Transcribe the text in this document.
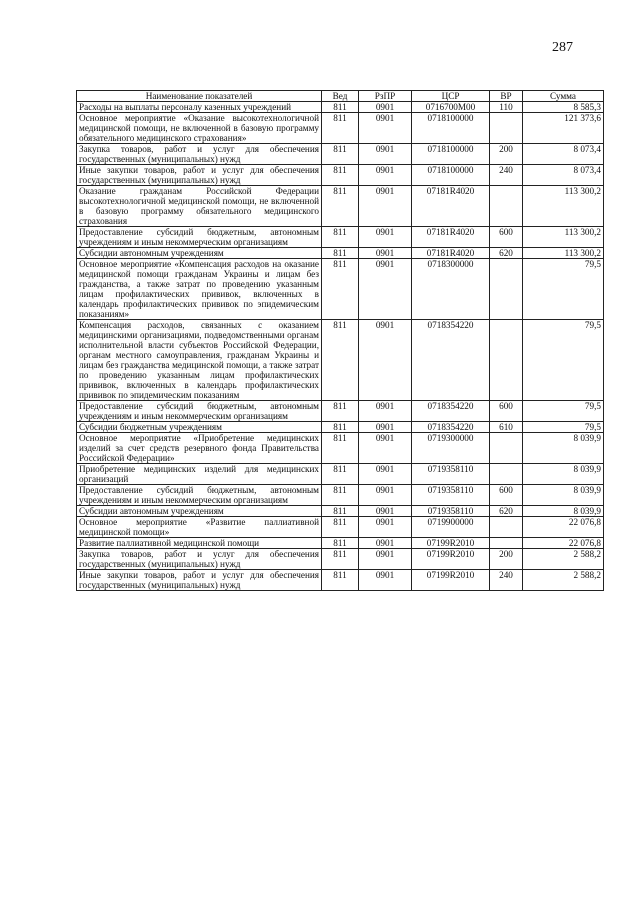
287
Наименование показателей	Вед	РзПР	ЦСР	ВР	Сумма
Расходы на выплаты персоналу казенных учреждений	811	0901	0716700M00	110	8 585,3
Основное мероприятие «Оказание высокотехнологичной медицинской помощи, не включенной в базовую программу обязательного медицинского страхования»	811	0901	0718100000		121 373,6
Закупка товаров, работ и услуг для обеспечения государственных (муниципальных) нужд	811	0901	0718100000	200	8 073,4
Иные закупки товаров, работ и услуг для обеспечения государственных (муниципальных) нужд	811	0901	0718100000	240	8 073,4
Оказание гражданам Российской Федерации высокотехнологичной медицинской помощи, не включенной в базовую программу обязательного медицинского страхования	811	0901	07181R4020		113 300,2
Предоставление субсидий бюджетным, автономным учреждениям и иным некоммерческим организациям	811	0901	07181R4020	600	113 300,2
Субсидии автономным учреждениям	811	0901	07181R4020	620	113 300,2
Основное мероприятие «Компенсация расходов на оказание медицинской помощи гражданам Украины и лицам без гражданства, а также затрат по проведению указанным лицам профилактических прививок, включенных в календарь профилактических прививок по эпидемическим показаниям»	811	0901	0718300000		79,5
Компенсация расходов, связанных с оказанием медицинскими организациями, подведомственными органам исполнительной власти субъектов Российской Федерации, органам местного самоуправления, гражданам Украины и лицам без гражданства медицинской помощи, а также затрат по проведению указанным лицам профилактических прививок, включенных в календарь профилактических прививок по эпидемическим показаниям	811	0901	0718354220		79,5
Предоставление субсидий бюджетным, автономным учреждениям и иным некоммерческим организациям	811	0901	0718354220	600	79,5
Субсидии бюджетным учреждениям	811	0901	0718354220	610	79,5
Основное мероприятие «Приобретение медицинских изделий за счет средств резервного фонда Правительства Российской Федерации»	811	0901	0719300000		8 039,9
Приобретение медицинских изделий для медицинских организаций	811	0901	0719358110		8 039,9
Предоставление субсидий бюджетным, автономным учреждениям и иным некоммерческим организациям	811	0901	0719358110	600	8 039,9
Субсидии автономным учреждениям	811	0901	0719358110	620	8 039,9
Основное мероприятие «Развитие паллиативной медицинской помощи»	811	0901	0719900000		22 076,8
Развитие паллиативной медицинской помощи	811	0901	07199R2010		22 076,8
Закупка товаров, работ и услуг для обеспечения государственных (муниципальных) нужд	811	0901	07199R2010	200	2 588,2
Иные закупки товаров, работ и услуг для обеспечения государственных (муниципальных) нужд	811	0901	07199R2010	240	2 588,2
